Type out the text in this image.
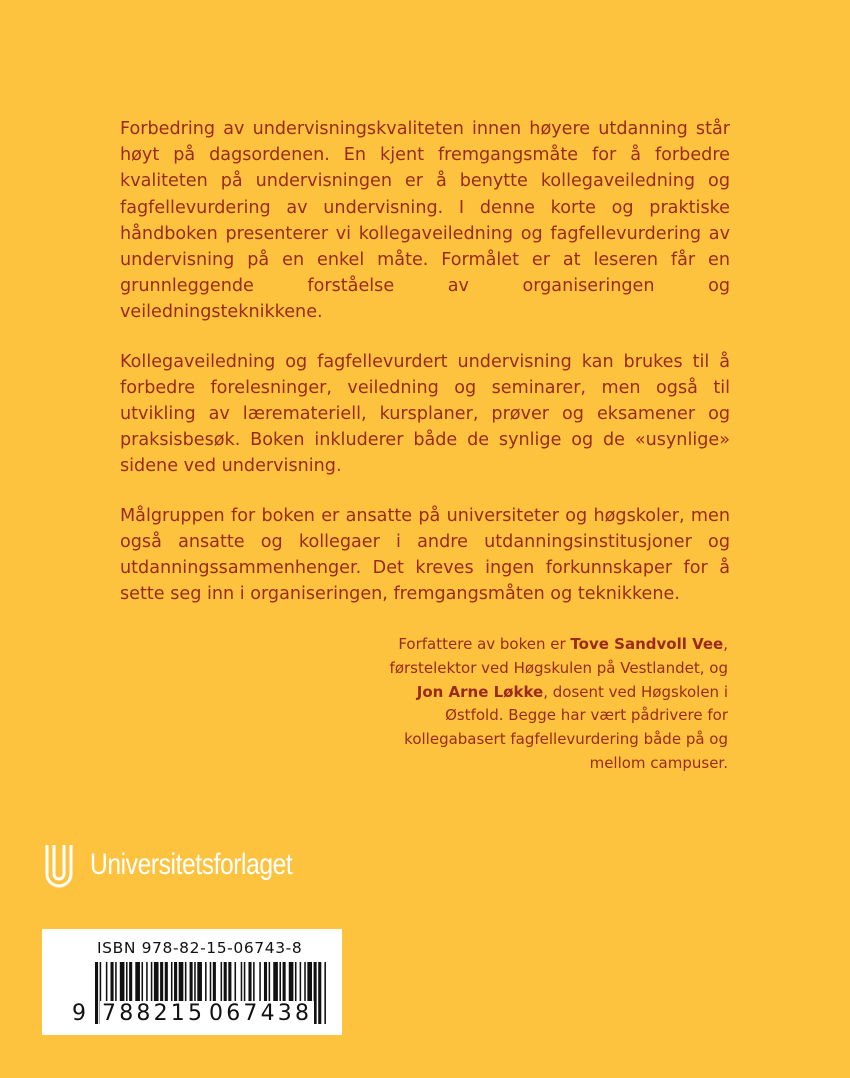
Forbedring av undervisningskvaliteten innen høyere utdanning står høyt på dagsordenen. En kjent fremgangsmåte for å forbedre kvaliteten på undervisningen er å benytte kollegaveiledning og fagfellevurdering av undervisning. I denne korte og praktiske håndboken presenterer vi kollegaveiledning og fagfellevurdering av undervisning på en enkel måte. Formålet er at leseren får en grunnleggende forståelse av organiseringen og veiledningsteknikkene.

Kollegaveiledning og fagfellevurdert undervisning kan brukes til å forbedre forelesninger, veiledning og seminarer, men også til utvikling av læremateriell, kursplaner, prøver og eksamener og praksisbesøk. Boken inkluderer både de synlige og de «usynlige» sidene ved undervisning.

Målgruppen for boken er ansatte på universiteter og høgskoler, men også ansatte og kollegaer i andre utdanningsinstitusjoner og utdanningssammenhenger. Det kreves ingen forkunnskaper for å sette seg inn i organiseringen, fremgangsmåten og teknikkene.

Forfattere av boken er Tove Sandvoll Vee, førstelektor ved Høgskulen på Vestlandet, og Jon Arne Løkke, dosent ved Høgskolen i Østfold. Begge har vært pådrivere for kollegabasert fagfellevurdering både på og mellom campuser.
Universitetsforlaget
ISBN 978-82-15-06743-8
9 788215 067438
